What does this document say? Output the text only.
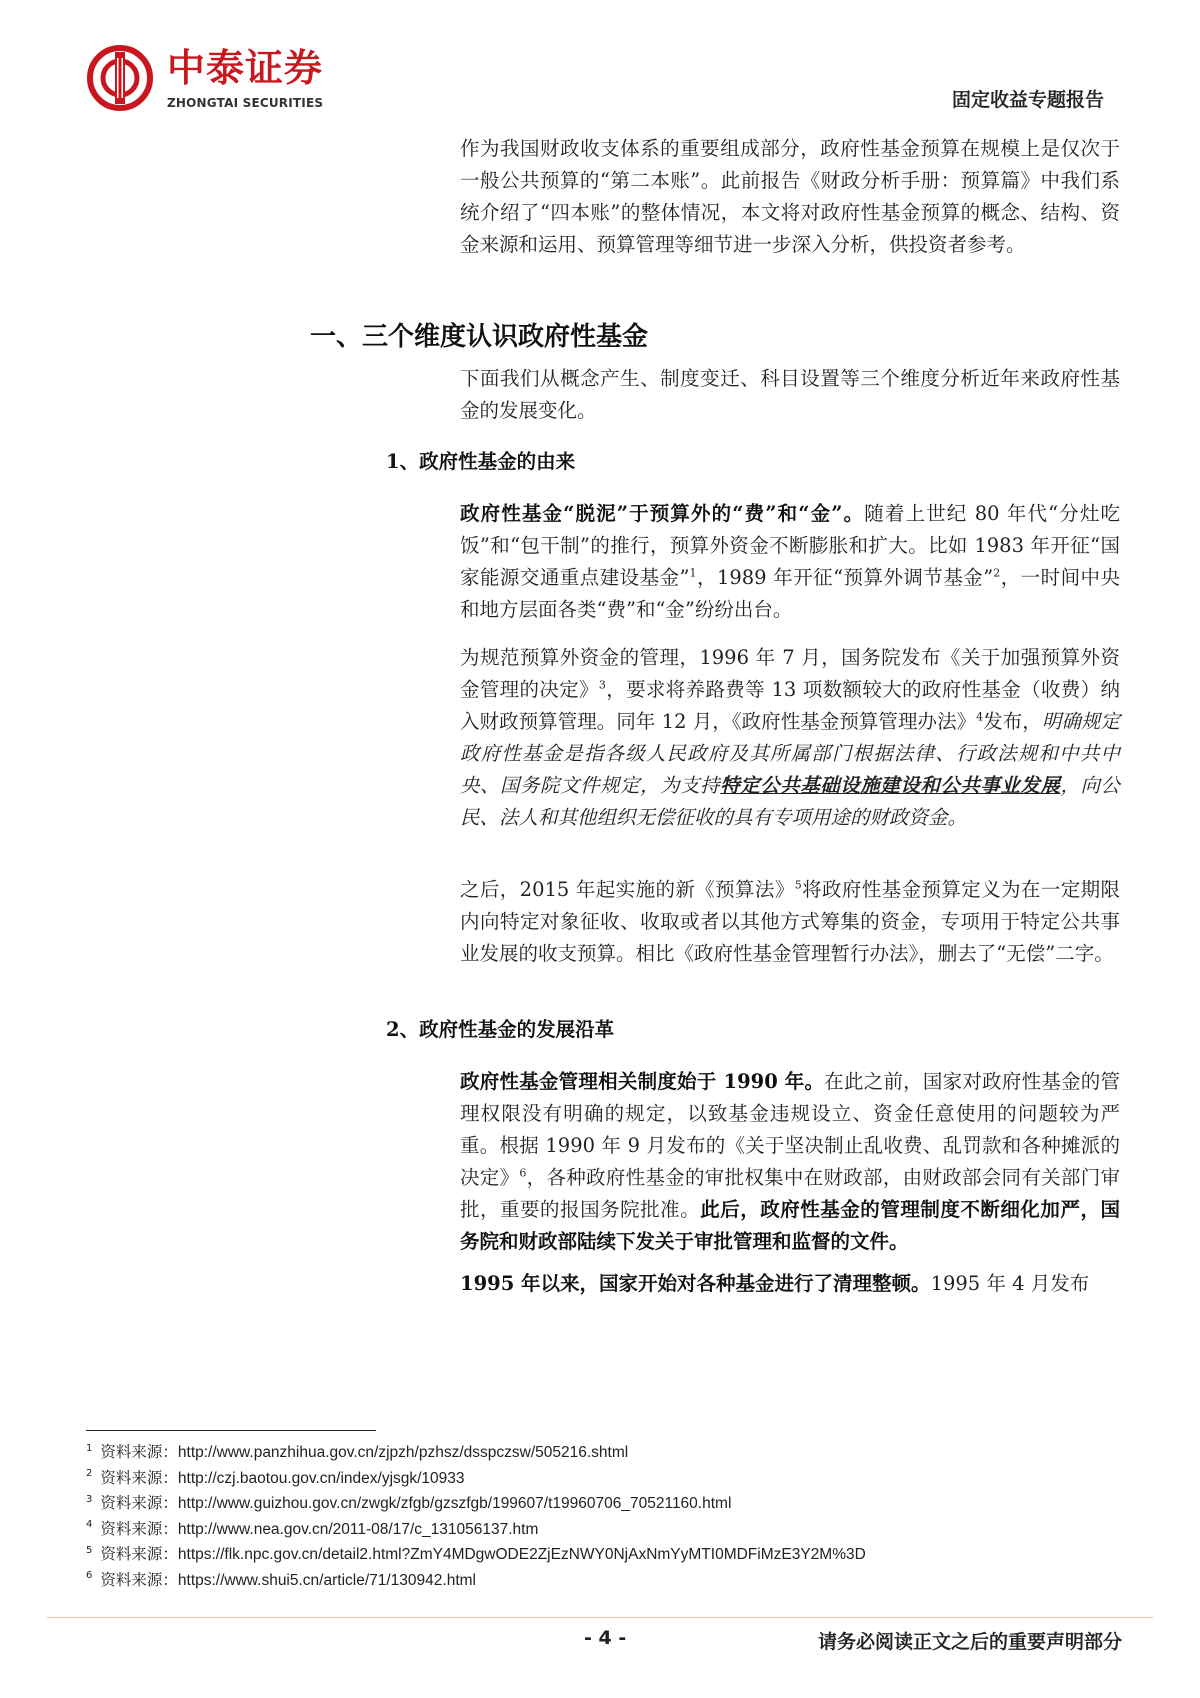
中泰证券
ZHONGTAI SECURITIES	固定收益专题报告

作为我国财政收支体系的重要组成部分，政府性基金预算在规模上是仅次于一般公共预算的“第二本账”。此前报告《财政分析手册：预算篇》中我们系统介绍了“四本账”的整体情况，本文将对政府性基金预算的概念、结构、资金来源和运用、预算管理等细节进一步深入分析，供投资者参考。

一、三个维度认识政府性基金

下面我们从概念产生、制度变迁、科目设置等三个维度分析近年来政府性基金的发展变化。

1、政府性基金的由来

政府性基金“脱泥”于预算外的“费”和“金”。随着上世纪 80 年代“分灶吃饭”和“包干制”的推行，预算外资金不断膨胀和扩大。比如 1983 年开征“国家能源交通重点建设基金”$^1$，1989 年开征“预算外调节基金”$^2$，一时间中央和地方层面各类“费”和“金”纷纷出台。

为规范预算外资金的管理，1996 年 7 月，国务院发布《关于加强预算外资金管理的决定》$^3$，要求将养路费等 13 项数额较大的政府性基金（收费）纳入财政预算管理。同年 12 月，《政府性基金预算管理办法》$^4$发布，明确规定政府性基金是指各级人民政府及其所属部门根据法律、行政法规和中共中央、国务院文件规定，为支持特定公共基础设施建设和公共事业发展，向公民、法人和其他组织无偿征收的具有专项用途的财政资金。

之后，2015 年起实施的新《预算法》$^5$将政府性基金预算定义为在一定期限内向特定对象征收、收取或者以其他方式筹集的资金，专项用于特定公共事业发展的收支预算。相比《政府性基金管理暂行办法》，删去了“无偿”二字。

2、政府性基金的发展沿革

政府性基金管理相关制度始于 1990 年。在此之前，国家对政府性基金的管理权限没有明确的规定，以致基金违规设立、资金任意使用的问题较为严重。根据 1990 年 9 月发布的《关于坚决制止乱收费、乱罚款和各种摊派的决定》$^6$，各种政府性基金的审批权集中在财政部，由财政部会同有关部门审批，重要的报国务院批准。此后，政府性基金的管理制度不断细化加严，国务院和财政部陆续下发关于审批管理和监督的文件。

1995 年以来，国家开始对各种基金进行了清理整顿。1995 年 4 月发布

$^1$ 资料来源：http://www.panzhihua.gov.cn/zjpzh/pzhsz/dsspczsw/505216.shtml
$^2$ 资料来源：http://czj.baotou.gov.cn/index/yjsgk/10933
$^3$ 资料来源：http://www.guizhou.gov.cn/zwgk/zfgb/gzszfgb/199607/t19960706_70521160.html
$^4$ 资料来源：http://www.nea.gov.cn/2011-08/17/c_131056137.htm
$^5$ 资料来源：https://flk.npc.gov.cn/detail2.html?ZmY4MDgwODE2ZjEzNWY0NjAxNmYyMTI0MDFiMzE3Y2M%3D
$^6$ 资料来源：https://www.shui5.cn/article/71/130942.html
- 4 -	请务必阅读正文之后的重要声明部分
